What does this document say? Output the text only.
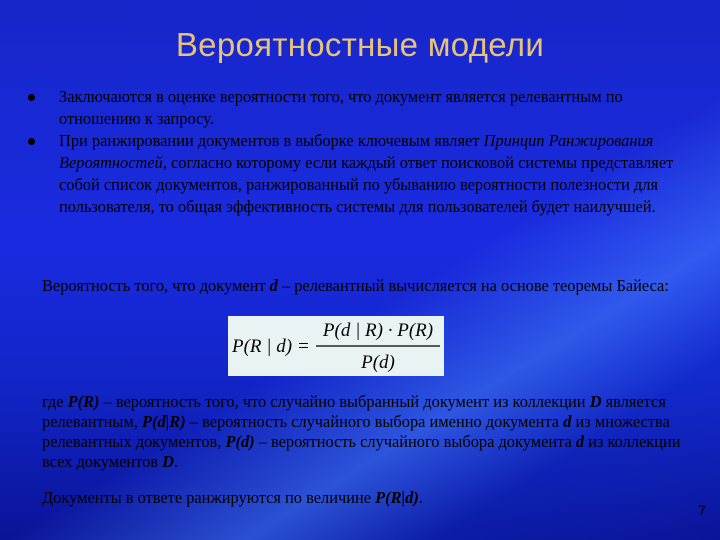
Вероятностные модели
Заключаются в оценке вероятности того, что документ является релевантным по отношению к запросу.
При ранжировании документов в выборке ключевым являет Принцип Ранжирования Вероятностей, согласно которому если каждый ответ поисковой системы представляет собой список документов, ранжированный по убыванию вероятности полезности для пользователя, то общая эффективность системы для пользователей будет наилучшей.
Вероятность того, что документ d – релевантный вычисляется на основе теоремы Байеса:
P(R | d) =
P(d | R) · P(R)
P(d)
где P(R) – вероятность того, что случайно выбранный документ из коллекции D является релевантным, P(d|R) – вероятность случайного выбора именно документа d из множества релевантных документов, P(d) – вероятность случайного выбора документа d из коллекции всех документов D.
Документы в ответе ранжируются по величине P(R|d).
7
